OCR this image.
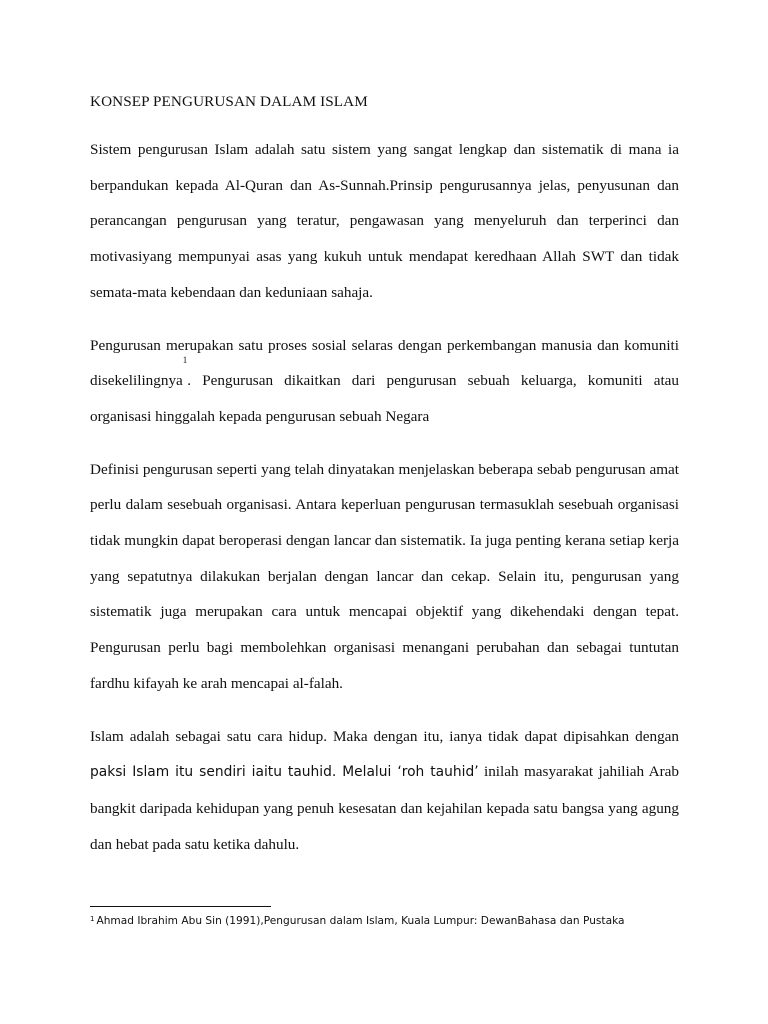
KONSEP PENGURUSAN DALAM ISLAM

Sistem pengurusan Islam adalah satu sistem yang sangat lengkap dan sistematik di mana ia berpandukan kepada Al-Quran dan As-Sunnah.Prinsip pengurusannya jelas, penyusunan dan perancangan pengurusan yang teratur, pengawasan yang menyeluruh dan terperinci dan motivasiyang mempunyai asas yang kukuh untuk mendapat keredhaan Allah SWT dan tidak semata-mata kebendaan dan keduniaan sahaja.

Pengurusan merupakan satu proses sosial selaras dengan perkembangan manusia dan komuniti disekelilingnya$^1$. Pengurusan dikaitkan dari pengurusan sebuah keluarga, komuniti atau organisasi hinggalah kepada pengurusan sebuah Negara

Definisi pengurusan seperti yang telah dinyatakan menjelaskan beberapa sebab pengurusan amat perlu dalam sesebuah organisasi. Antara keperluan pengurusan termasuklah sesebuah organisasi tidak mungkin dapat beroperasi dengan lancar dan sistematik. Ia juga penting kerana setiap kerja yang sepatutnya dilakukan berjalan dengan lancar dan cekap. Selain itu, pengurusan yang sistematik juga merupakan cara untuk mencapai objektif yang dikehendaki dengan tepat. Pengurusan perlu bagi membolehkan organisasi menangani perubahan dan sebagai tuntutan fardhu kifayah ke arah mencapai al-falah.

Islam adalah sebagai satu cara hidup. Maka dengan itu, ianya tidak dapat dipisahkan dengan paksi Islam itu sendiri iaitu tauhid. Melalui ‘roh tauhid’ inilah masyarakat jahiliah Arab bangkit daripada kehidupan yang penuh kesesatan dan kejahilan kepada satu bangsa yang agung dan hebat pada satu ketika dahulu.

$^1$ Ahmad Ibrahim Abu Sin (1991),Pengurusan dalam Islam, Kuala Lumpur: DewanBahasa dan Pustaka
